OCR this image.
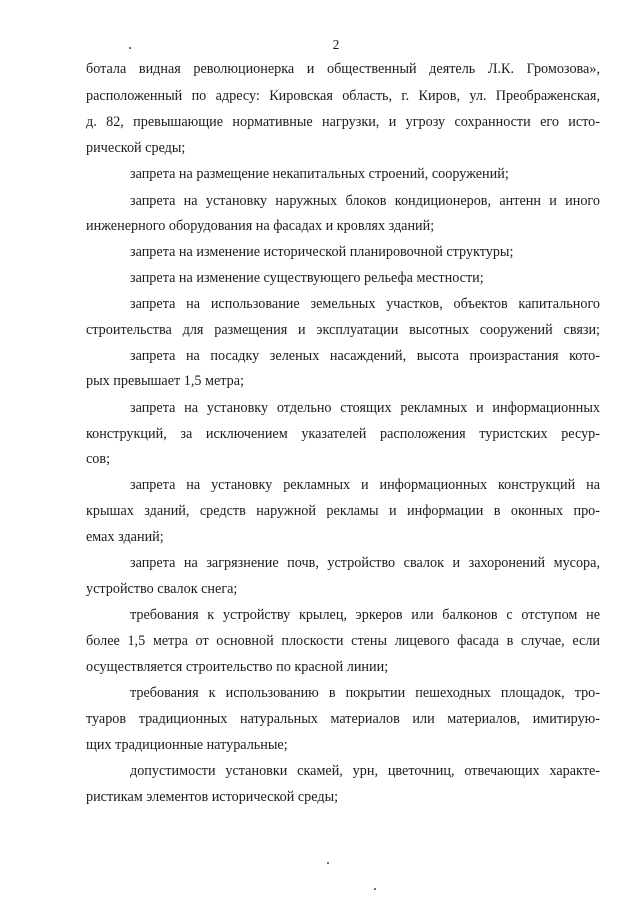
2
ботала видная революционерка и общественный деятель Л.К. Громозова»,
расположенный по адресу: Кировская область, г. Киров, ул. Преображенская,
д. 82, превышающие нормативные нагрузки, и угрозу сохранности его исто-
рической среды;
запрета на размещение некапитальных строений, сооружений;
запрета на установку наружных блоков кондиционеров, антенн и иного
инженерного оборудования на фасадах и кровлях зданий;
запрета на изменение исторической планировочной структуры;
запрета на изменение существующего рельефа местности;
запрета на использование земельных участков, объектов капитального
строительства для размещения и эксплуатации высотных сооружений связи;
запрета на посадку зеленых насаждений, высота произрастания кото-
рых превышает 1,5 метра;
запрета на установку отдельно стоящих рекламных и информационных
конструкций, за исключением указателей расположения туристских ресур-
сов;
запрета на установку рекламных и информационных конструкций на
крышах зданий, средств наружной рекламы и информации в оконных про-
емах зданий;
запрета на загрязнение почв, устройство свалок и захоронений мусора,
устройство свалок снега;
требования к устройству крылец, эркеров или балконов с отступом не
более 1,5 метра от основной плоскости стены лицевого фасада в случае, если
осуществляется строительство по красной линии;
требования к использованию в покрытии пешеходных площадок, тро-
туаров традиционных натуральных материалов или материалов, имитирую-
щих традиционные натуральные;
допустимости установки скамей, урн, цветочниц, отвечающих характе-
ристикам элементов исторической среды;
